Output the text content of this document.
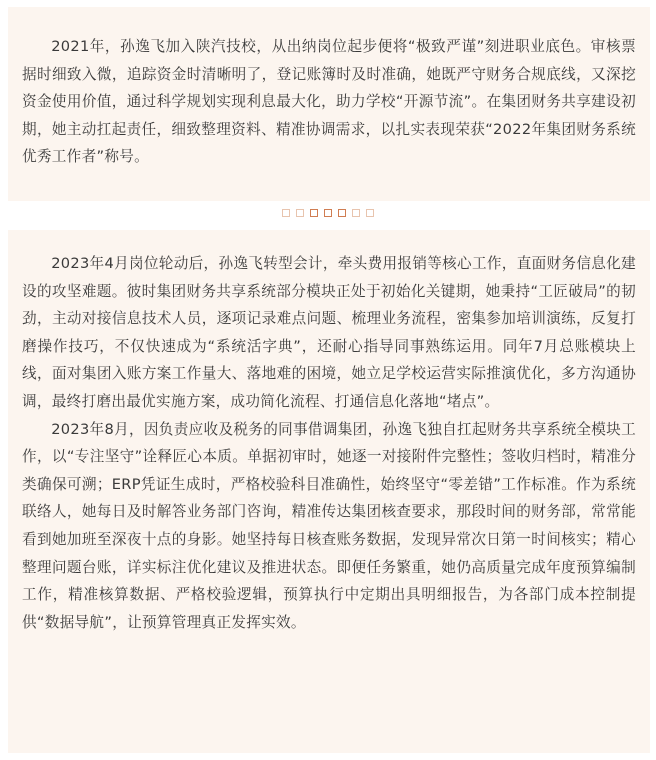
2021年，孙逸飞加入陕汽技校，从出纳岗位起步便将“极致严谨”刻进职业底色。审核票据时细致入微，追踪资金时清晰明了，登记账簿时及时准确，她既严守财务合规底线，又深挖资金使用价值，通过科学规划实现利息最大化，助力学校“开源节流”。在集团财务共享建设初期，她主动扛起责任，细致整理资料、精准协调需求，以扎实表现荣获“2022年集团财务系统优秀工作者”称号。

2023年4月岗位轮动后，孙逸飞转型会计，牵头费用报销等核心工作，直面财务信息化建设的攻坚难题。彼时集团财务共享系统部分模块正处于初始化关键期，她秉持“工匠破局”的韧劲，主动对接信息技术人员，逐项记录难点问题、梳理业务流程，密集参加培训演练，反复打磨操作技巧，不仅快速成为“系统活字典”，还耐心指导同事熟练运用。同年7月总账模块上线，面对集团入账方案工作量大、落地难的困境，她立足学校运营实际推演优化，多方沟通协调，最终打磨出最优实施方案，成功简化流程、打通信息化落地“堵点”。

2023年8月，因负责应收及税务的同事借调集团，孙逸飞独自扛起财务共享系统全模块工作，以“专注坚守”诠释匠心本质。单据初审时，她逐一对接附件完整性；签收归档时，精准分类确保可溯；ERP凭证生成时，严格校验科目准确性，始终坚守“零差错”工作标准。作为系统联络人，她每日及时解答业务部门咨询，精准传达集团核查要求，那段时间的财务部，常常能看到她加班至深夜十点的身影。她坚持每日核查账务数据，发现异常次日第一时间核实；精心整理问题台账，详实标注优化建议及推进状态。即便任务繁重，她仍高质量完成年度预算编制工作，精准核算数据、严格校验逻辑，预算执行中定期出具明细报告，为各部门成本控制提供“数据导航”，让预算管理真正发挥实效。
